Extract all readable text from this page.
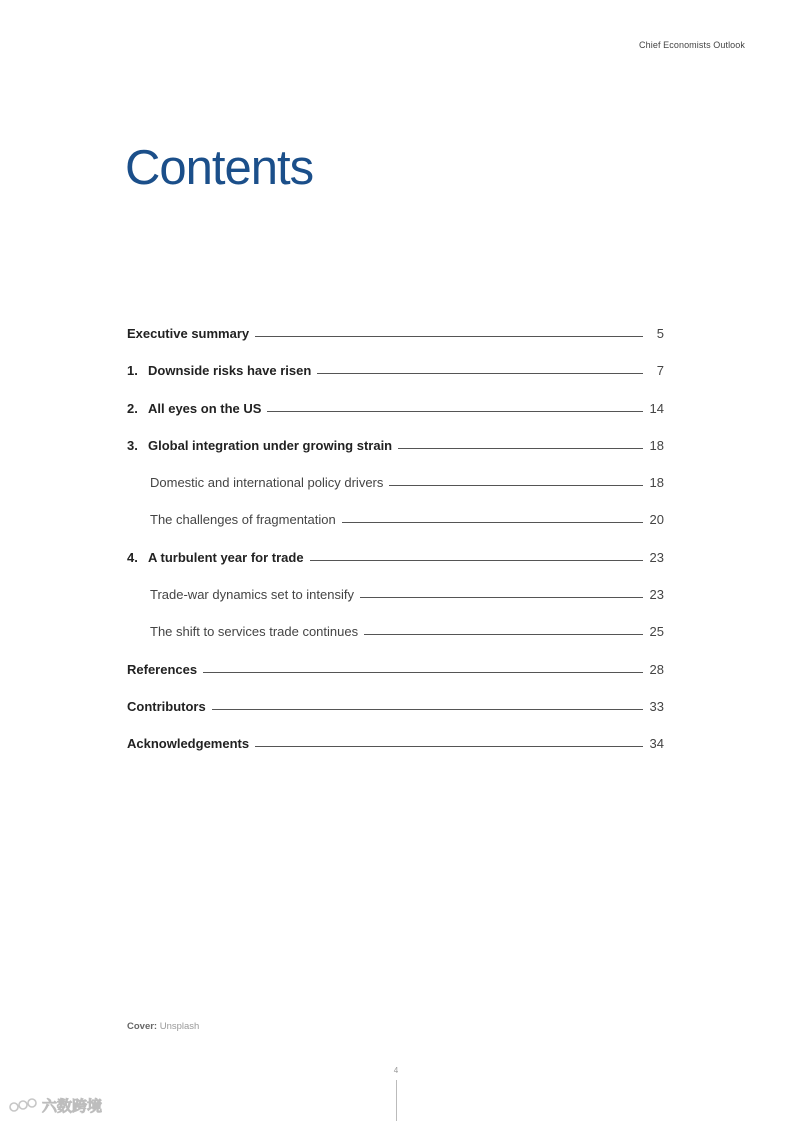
Chief Economists Outlook
Contents
Executive summary	5
1. Downside risks have risen	7
2. All eyes on the US	14
3. Global integration under growing strain	18
Domestic and international policy drivers	18
The challenges of fragmentation	20
4. A turbulent year for trade	23
Trade-war dynamics set to intensify	23
The shift to services trade continues	25
References	28
Contributors	33
Acknowledgements	34
Cover: Unsplash
4
六数跨境
